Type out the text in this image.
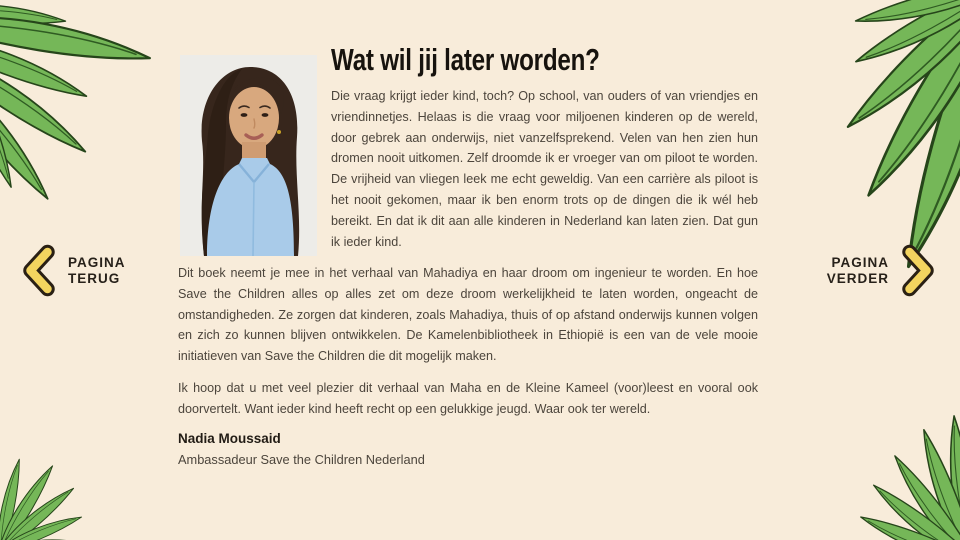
Wat wil jij later worden?

Die vraag krijgt ieder kind, toch? Op school, van ouders of van vriendjes en vriendinnetjes. Helaas is die vraag voor miljoenen kinderen op de wereld, door gebrek aan onderwijs, niet vanzelfsprekend. Velen van hen zien hun dromen nooit uitkomen. Zelf droomde ik er vroeger van om piloot te worden. De vrijheid van vliegen leek me echt geweldig. Van een carrière als piloot is het nooit gekomen, maar ik ben enorm trots op de dingen die ik wél heb bereikt. En dat ik dit aan alle kinderen in Nederland kan laten zien. Dat gun ik ieder kind.

Dit boek neemt je mee in het verhaal van Mahadiya en haar droom om ingenieur te worden. En hoe Save the Children alles op alles zet om deze droom werkelijkheid te laten worden, ongeacht de omstandigheden. Ze zorgen dat kinderen, zoals Mahadiya, thuis of op afstand onderwijs kunnen volgen en zich zo kunnen blijven ontwikkelen. De Kamelenbibliotheek in Ethiopië is een van de vele mooie initiatieven van Save the Children die dit mogelijk maken.

Ik hoop dat u met veel plezier dit verhaal van Maha en de Kleine Kameel (voor)leest en vooral ook doorvertelt. Want ieder kind heeft recht op een gelukkige jeugd. Waar ook ter wereld.

Nadia Moussaid
Ambassadeur Save the Children Nederland
PAGINA
TERUG
PAGINA
VERDER
